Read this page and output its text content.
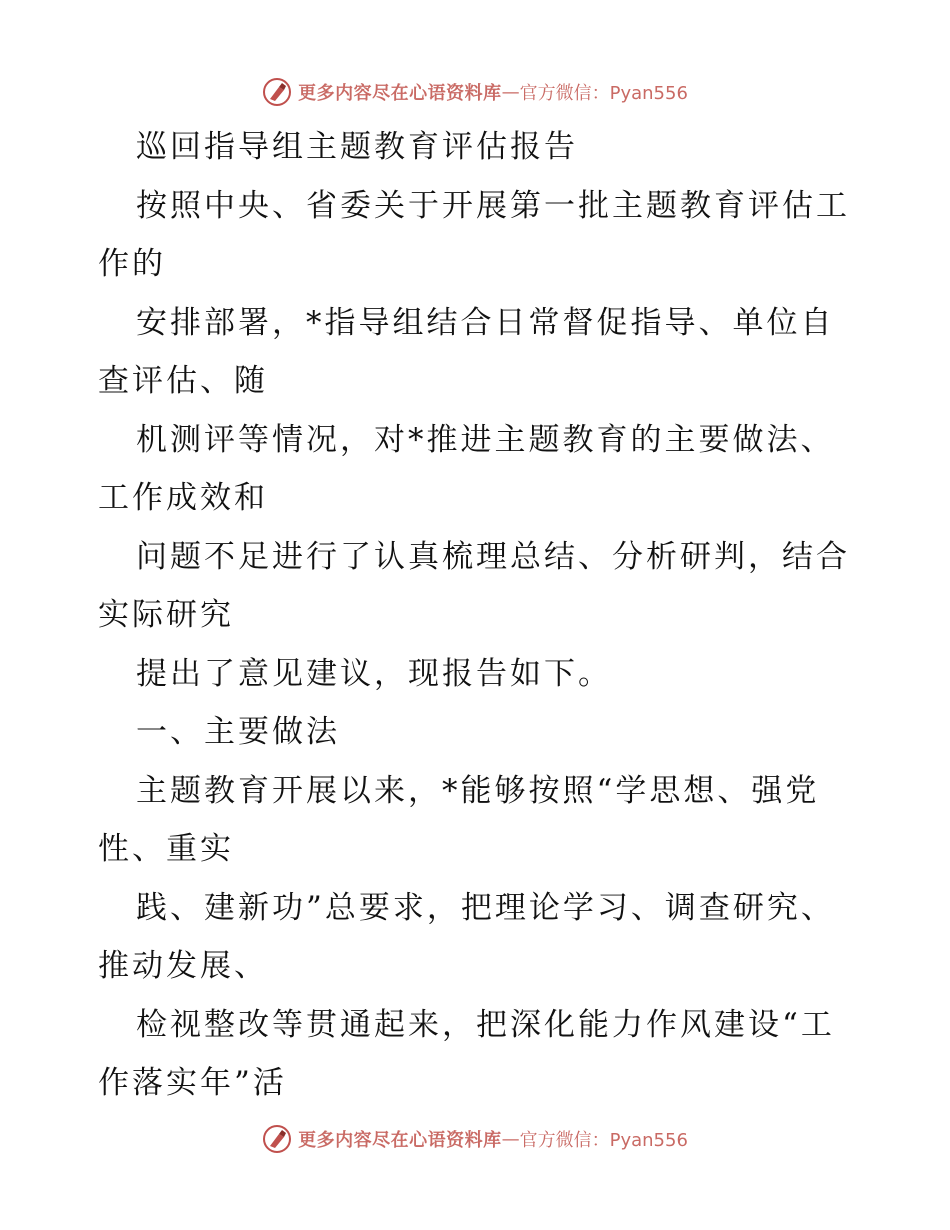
更多内容尽在心语资料库 — 官方微信：Pyan556

巡回指导组主题教育评估报告

按照中央、省委关于开展第一批主题教育评估工作的

安排部署，*指导组结合日常督促指导、单位自查评估、随

机测评等情况，对*推进主题教育的主要做法、工作成效和

问题不足进行了认真梳理总结、分析研判，结合实际研究

提出了意见建议，现报告如下。

一、主要做法

主题教育开展以来，*能够按照“学思想、强党性、重实

践、建新功”总要求，把理论学习、调查研究、推动发展、

检视整改等贯通起来，把深化能力作风建设“工作落实年”活

更多内容尽在心语资料库 — 官方微信：Pyan556
